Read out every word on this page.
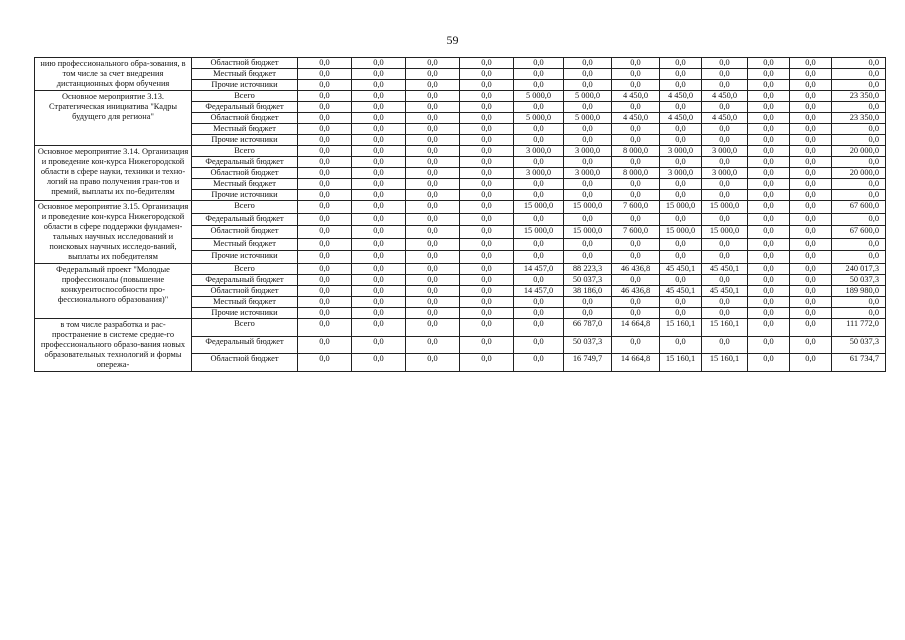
59
нию профессионального обра-зования, в том числе за счет внедрения дистанционных форм обучения	Областной бюджет	0,0	0,0	0,0	0,0	0,0	0,0	0,0	0,0	0,0	0,0	0,0	0,0
	Местный бюджет	0,0	0,0	0,0	0,0	0,0	0,0	0,0	0,0	0,0	0,0	0,0	0,0
	Прочие источники	0,0	0,0	0,0	0,0	0,0	0,0	0,0	0,0	0,0	0,0	0,0	0,0
Основное мероприятие 3.13. Стратегическая инициатива "Кадры будущего для региона"	Всего	0,0	0,0	0,0	0,0	5 000,0	5 000,0	4 450,0	4 450,0	4 450,0	0,0	0,0	23 350,0
	Федеральный бюджет	0,0	0,0	0,0	0,0	0,0	0,0	0,0	0,0	0,0	0,0	0,0	0,0
	Областной бюджет	0,0	0,0	0,0	0,0	5 000,0	5 000,0	4 450,0	4 450,0	4 450,0	0,0	0,0	23 350,0
	Местный бюджет	0,0	0,0	0,0	0,0	0,0	0,0	0,0	0,0	0,0	0,0	0,0	0,0
	Прочие источники	0,0	0,0	0,0	0,0	0,0	0,0	0,0	0,0	0,0	0,0	0,0	0,0
Основное мероприятие 3.14. Организация и проведение кон-курса Нижегородской области в сфере науки, техники и техно-логий на право получения гран-тов и премий, выплаты их по-бедителям	Всего	0,0	0,0	0,0	0,0	3 000,0	3 000,0	8 000,0	3 000,0	3 000,0	0,0	0,0	20 000,0
	Федеральный бюджет	0,0	0,0	0,0	0,0	0,0	0,0	0,0	0,0	0,0	0,0	0,0	0,0
	Областной бюджет	0,0	0,0	0,0	0,0	3 000,0	3 000,0	8 000,0	3 000,0	3 000,0	0,0	0,0	20 000,0
	Местный бюджет	0,0	0,0	0,0	0,0	0,0	0,0	0,0	0,0	0,0	0,0	0,0	0,0
	Прочие источники	0,0	0,0	0,0	0,0	0,0	0,0	0,0	0,0	0,0	0,0	0,0	0,0
Основное мероприятие 3.15. Организация и проведение кон-курса Нижегородской области в сфере поддержки фундамен-тальных научных исследований и поисковых научных исследо-ваний, выплаты их победителям	Всего	0,0	0,0	0,0	0,0	15 000,0	15 000,0	7 600,0	15 000,0	15 000,0	0,0	0,0	67 600,0
	Федеральный бюджет	0,0	0,0	0,0	0,0	0,0	0,0	0,0	0,0	0,0	0,0	0,0	0,0
	Областной бюджет	0,0	0,0	0,0	0,0	15 000,0	15 000,0	7 600,0	15 000,0	15 000,0	0,0	0,0	67 600,0
	Местный бюджет	0,0	0,0	0,0	0,0	0,0	0,0	0,0	0,0	0,0	0,0	0,0	0,0
	Прочие источники	0,0	0,0	0,0	0,0	0,0	0,0	0,0	0,0	0,0	0,0	0,0	0,0
Федеральный проект "Молодые профессионалы (повышение конкурентоспособности про-фессионального образования)"	Всего	0,0	0,0	0,0	0,0	14 457,0	88 223,3	46 436,8	45 450,1	45 450,1	0,0	0,0	240 017,3
	Федеральный бюджет	0,0	0,0	0,0	0,0	0,0	50 037,3	0,0	0,0	0,0	0,0	0,0	50 037,3
	Областной бюджет	0,0	0,0	0,0	0,0	14 457,0	38 186,0	46 436,8	45 450,1	45 450,1	0,0	0,0	189 980,0
	Местный бюджет	0,0	0,0	0,0	0,0	0,0	0,0	0,0	0,0	0,0	0,0	0,0	0,0
	Прочие источники	0,0	0,0	0,0	0,0	0,0	0,0	0,0	0,0	0,0	0,0	0,0	0,0
в том числе разработка и рас-пространение в системе средне-го профессионального образо-вания новых образовательных технологий и формы опережа-	Всего	0,0	0,0	0,0	0,0	0,0	66 787,0	14 664,8	15 160,1	15 160,1	0,0	0,0	111 772,0
	Федеральный бюджет	0,0	0,0	0,0	0,0	0,0	50 037,3	0,0	0,0	0,0	0,0	0,0	50 037,3
	Областной бюджет	0,0	0,0	0,0	0,0	0,0	16 749,7	14 664,8	15 160,1	15 160,1	0,0	0,0	61 734,7
